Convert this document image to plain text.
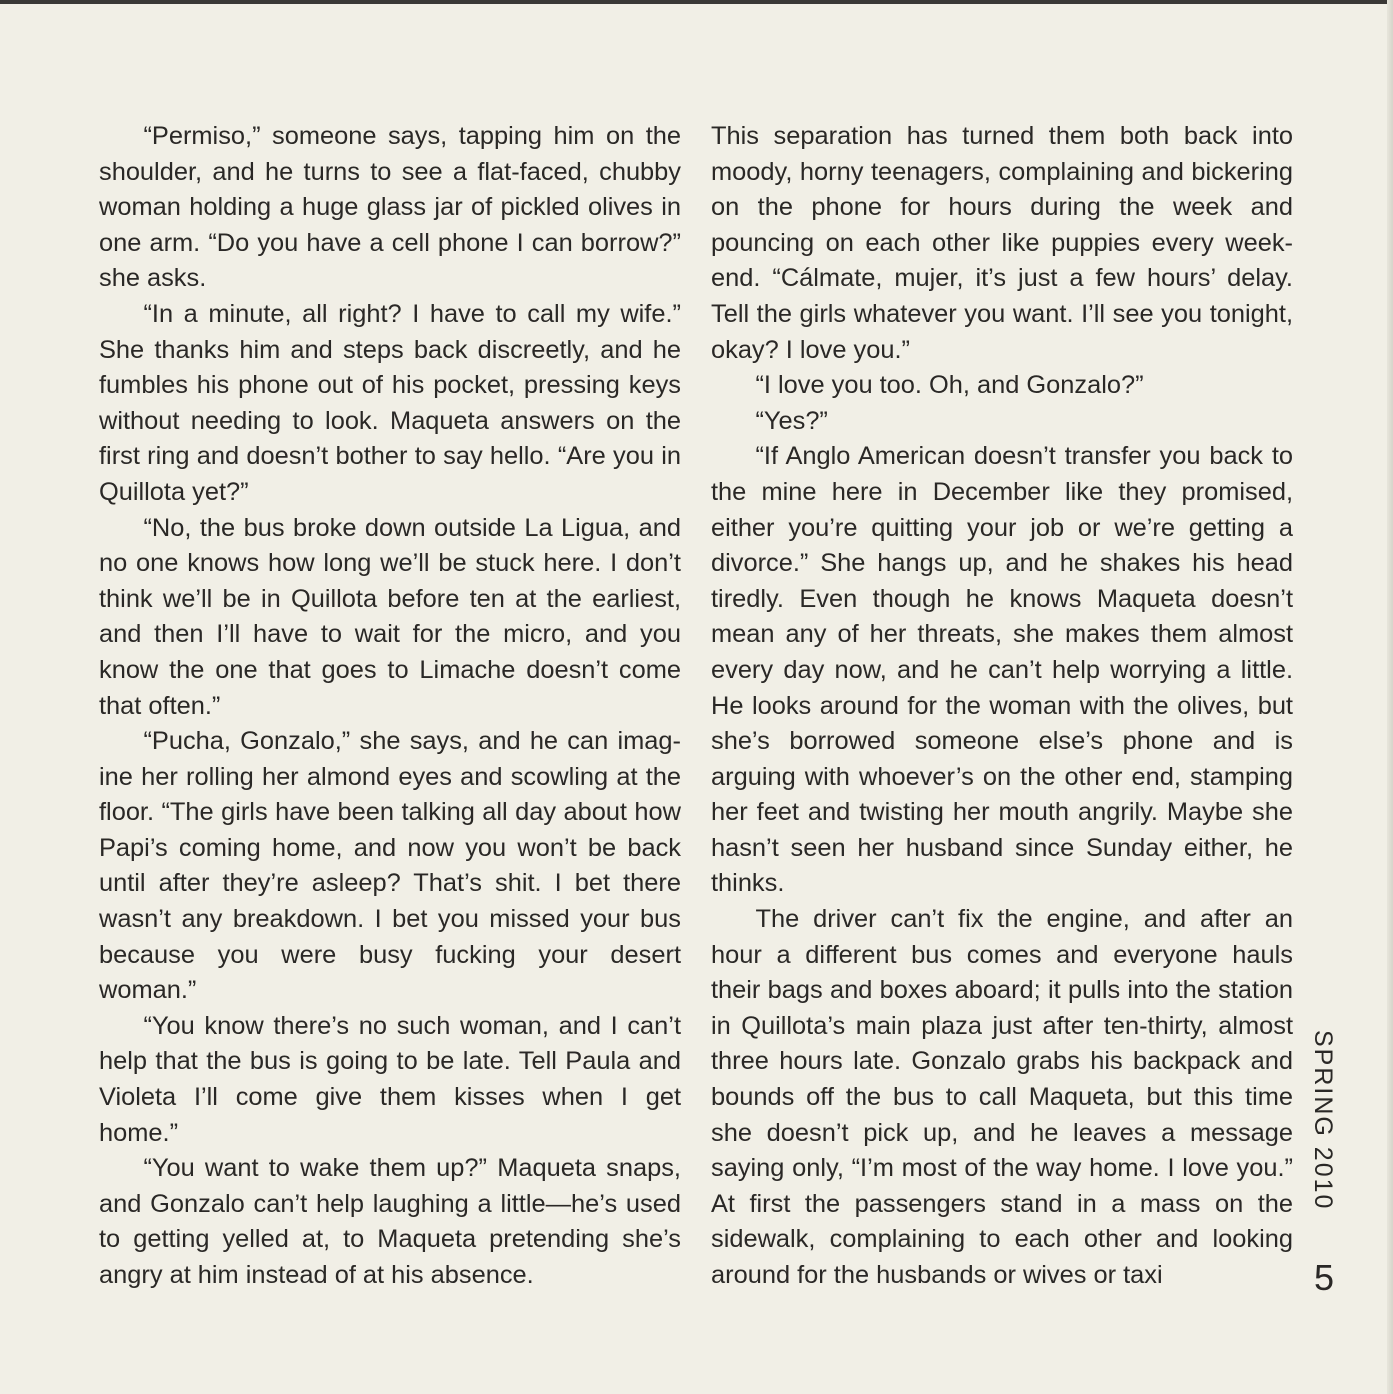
“Permiso,” someone says, tapping him on the shoulder, and he turns to see a flat-faced, chubby woman holding a huge glass jar of pickled olives in one arm. “Do you have a cell phone I can borrow?” she asks.

“In a minute, all right? I have to call my wife.” She thanks him and steps back discreetly, and he fumbles his phone out of his pocket, pressing keys without needing to look. Maqueta answers on the first ring and doesn’t bother to say hello. “Are you in Quillota yet?”

“No, the bus broke down outside La Ligua, and no one knows how long we’ll be stuck here. I don’t think we’ll be in Quillota before ten at the earliest, and then I’ll have to wait for the micro, and you know the one that goes to Limache doesn’t come that often.”

“Pucha, Gonzalo,” she says, and he can imagine her rolling her almond eyes and scowling at the floor. “The girls have been talking all day about how Papi’s coming home, and now you won’t be back until after they’re asleep? That’s shit. I bet there wasn’t any breakdown. I bet you missed your bus because you were busy fucking your desert woman.”

“You know there’s no such woman, and I can’t help that the bus is going to be late. Tell Paula and Violeta I’ll come give them kisses when I get home.”

“You want to wake them up?” Maqueta snaps, and Gonzalo can’t help laughing a little—he’s used to getting yelled at, to Maqueta pretending she’s angry at him instead of at his absence.

This separation has turned them both back into moody, horny teenagers, complaining and bickering on the phone for hours during the week and pouncing on each other like puppies every weekend. “Cálmate, mujer, it’s just a few hours’ delay. Tell the girls whatever you want. I’ll see you tonight, okay? I love you.”

“I love you too. Oh, and Gonzalo?”

“Yes?”

“If Anglo American doesn’t transfer you back to the mine here in December like they promised, either you’re quitting your job or we’re getting a divorce.” She hangs up, and he shakes his head tiredly. Even though he knows Maqueta doesn’t mean any of her threats, she makes them almost every day now, and he can’t help worrying a little. He looks around for the woman with the olives, but she’s borrowed someone else’s phone and is arguing with whoever’s on the other end, stamping her feet and twisting her mouth angrily. Maybe she hasn’t seen her husband since Sunday either, he thinks.

The driver can’t fix the engine, and after an hour a different bus comes and everyone hauls their bags and boxes aboard; it pulls into the station in Quillota’s main plaza just after ten-thirty, almost three hours late. Gonzalo grabs his backpack and bounds off the bus to call Maqueta, but this time she doesn’t pick up, and he leaves a message saying only, “I’m most of the way home. I love you.” At first the passengers stand in a mass on the sidewalk, complaining to each other and looking around for the husbands or wives or taxi

SPRING 2010
5
